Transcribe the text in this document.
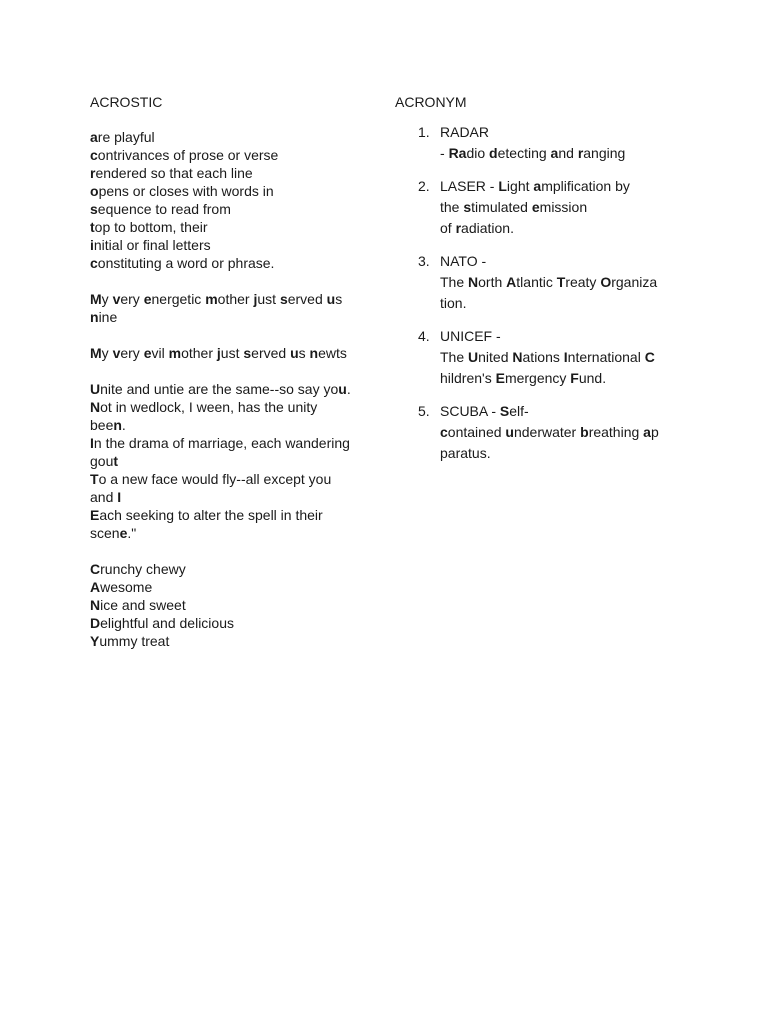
ACROSTIC
are playful
contrivances of prose or verse
rendered so that each line
opens or closes with words in
sequence to read from
top to bottom, their
initial or final letters
constituting a word or phrase.
My very energetic mother just served us
nine
My very evil mother just served us newts
Unite and untie are the same--so say you.
Not in wedlock, I ween, has the unity
been.
In the drama of marriage, each wandering
gout
To a new face would fly--all except you
and I
Each seeking to alter the spell in their
scene."
Crunchy chewy
Awesome
Nice and sweet
Delightful and delicious
Yummy treat
ACRONYM
1. RADAR
- Radio detecting and ranging
2. LASER - Light amplification by
the stimulated emission
of radiation.
3. NATO -
The North Atlantic Treaty Organiza
tion.
4. UNICEF -
The United Nations International C
hildren's Emergency Fund.
5. SCUBA - Self-
contained underwater breathing ap
paratus.
